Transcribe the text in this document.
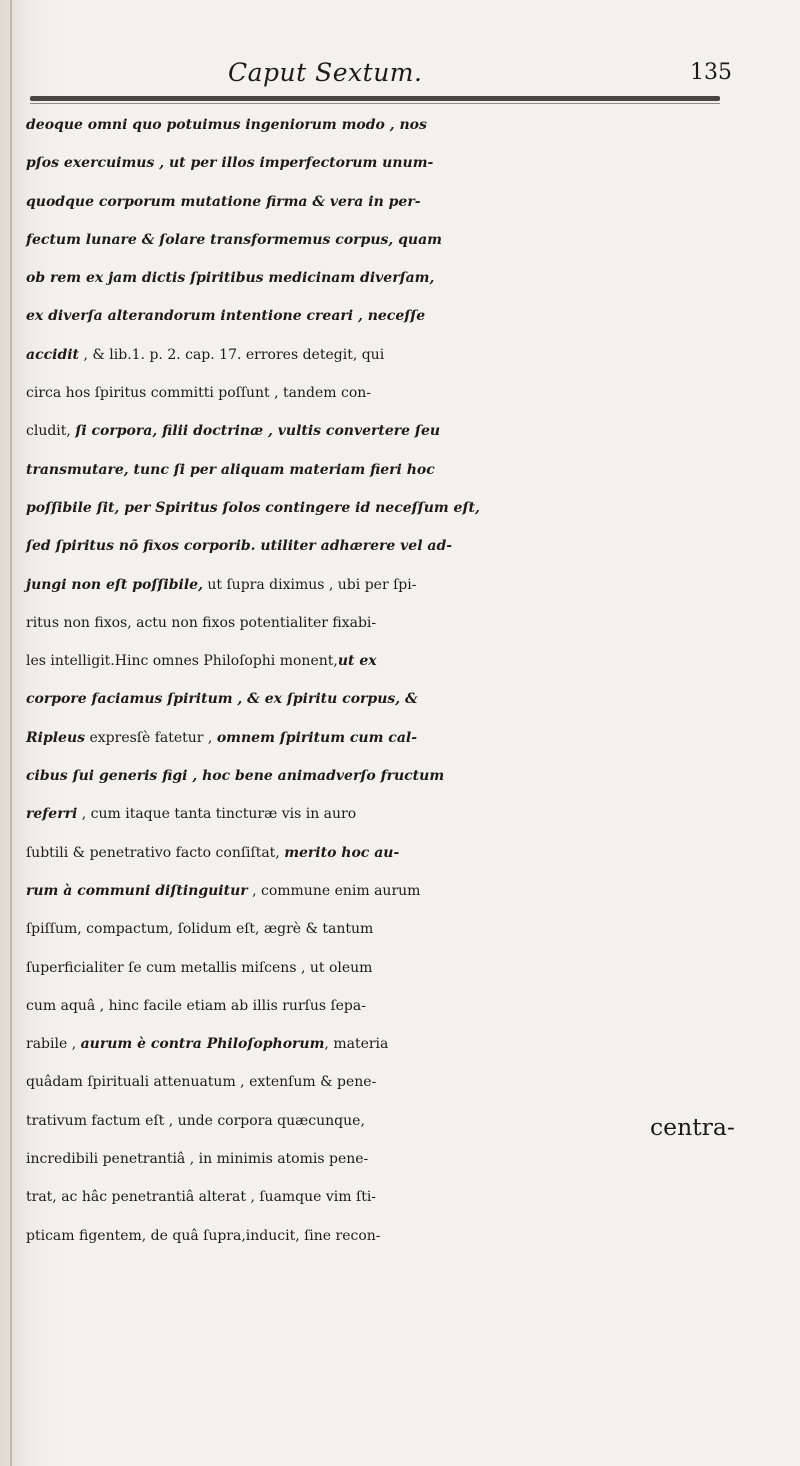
Caput Sextum.	135
deoque omni quo potuimus ingeniorum modo , nos
pſos exercuimus , ut per illos imperfectorum unum-
quodque corporum mutatione firma & vera in per-
fectum lunare & ſolare transformemus corpus, quam
ob rem ex jam dictis ſpiritibus medicinam diverſam,
ex diverſa alterandorum intentione creari , neceſſe
accidit , & lib.1. p. 2. cap. 17. errores detegit, qui
circa hos ſpiritus committi poſſunt , tandem con-
cludit, ſi corpora, filii doctrinæ , vultis convertere ſeu
transmutare, tunc ſi per aliquam materiam fieri hoc
poſſibile ſit, per Spiritus ſolos contingere id neceſſum eſt,
ſed ſpiritus nō fixos corporib. utiliter adhærere vel ad-
jungi non eſt poſſibile, ut ſupra diximus , ubi per ſpi-
ritus non fixos, actu non fixos potentialiter fixabi-
les intelligit.Hinc omnes Philoſophi monent,ut ex
corpore faciamus ſpiritum , & ex ſpiritu corpus, &
Ripleus expresſè fatetur , omnem ſpiritum cum cal-
cibus ſui generis figi , hoc bene animadverſo fructum
referri , cum itaque tanta tincturæ vis in auro
ſubtili & penetrativo facto conſiſtat, merito hoc au-
rum à communi diſtinguitur , commune enim aurum
ſpiſſum, compactum, ſolidum eſt, ægrè & tantum
ſuperficialiter ſe cum metallis miſcens , ut oleum
cum aquâ , hinc facile etiam ab illis rurſus ſepa-
rabile , aurum è contra Philoſophorum, materia
quâdam ſpirituali attenuatum , extenſum & pene-
trativum factum eſt , unde corpora quæcunque,
incredibili penetrantiâ , in minimis atomis pene-
trat, ac hâc penetrantiâ alterat , ſuamque vim ſti-
pticam figentem, de quâ ſupra,inducit, ſine recon-
centra-
